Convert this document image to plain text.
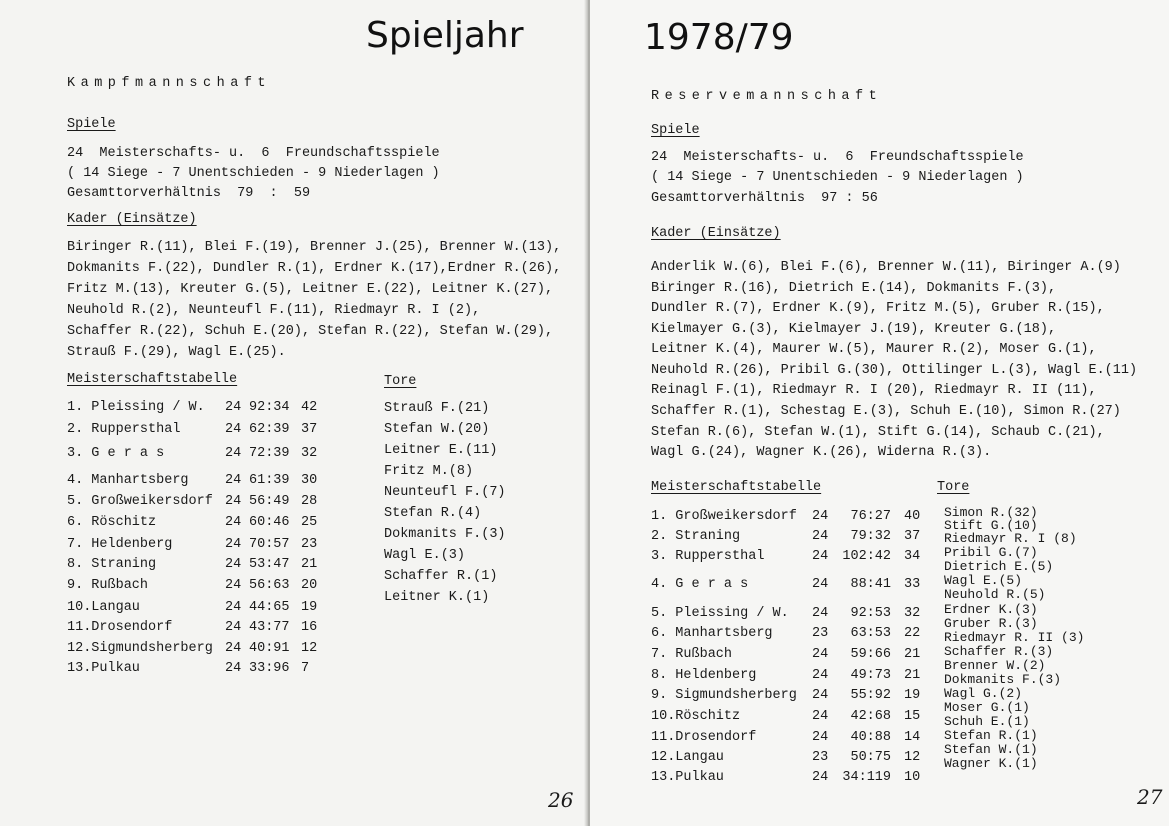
Spieljahr
Kampfmannschaft
Spiele
24  Meisterschafts- u.  6  Freundschaftsspiele
( 14 Siege - 7 Unentschieden - 9 Niederlagen )
Gesamttorverhältnis  79  :  59
Kader (Einsätze)
Biringer R.(11), Blei F.(19), Brenner J.(25), Brenner W.(13),
Dokmanits F.(22), Dundler R.(1), Erdner K.(17),Erdner R.(26),
Fritz M.(13), Kreuter G.(5), Leitner E.(22), Leitner K.(27),
Neuhold R.(2), Neunteufl F.(11), Riedmayr R. I (2),
Schaffer R.(22), Schuh E.(20), Stefan R.(22), Stefan W.(29),
Strauß F.(29), Wagl E.(25).
Meisterschaftstabelle	Tore
1. Pleissing / W. 24 92:34 42
2. Ruppersthal	24 62:39 37
3. G e r a s	24 72:39 32
4. Manhartsberg	24 61:39 30
5. Großweikersdorf 24 56:49 28
6. Röschitz	24 60:46 25
7. Heldenberg	24 70:57 23
8. Straning	24 53:47 21
9. Rußbach	24 56:63 20
10.Langau	24 44:65 19
11.Drosendorf	24 43:77 16
12.Sigmundsherberg 24 40:91 12
13.Pulkau	24 33:96 7
Strauß F.(21)
Stefan W.(20)
Leitner E.(11)
Fritz M.(8)
Neunteufl F.(7)
Stefan R.(4)
Dokmanits F.(3)
Wagl E.(3)
Schaffer R.(1)
Leitner K.(1)
26
1978/79
Reservemannschaft
Spiele
24  Meisterschafts- u.  6  Freundschaftsspiele
( 14 Siege - 7 Unentschieden - 9 Niederlagen )
Gesamttorverhältnis  97 : 56
Kader (Einsätze)
Anderlik W.(6), Blei F.(6), Brenner W.(11), Biringer A.(9)
Biringer R.(16), Dietrich E.(14), Dokmanits F.(3),
Dundler R.(7), Erdner K.(9), Fritz M.(5), Gruber R.(15),
Kielmayer G.(3), Kielmayer J.(19), Kreuter G.(18),
Leitner K.(4), Maurer W.(5), Maurer R.(2), Moser G.(1),
Neuhold R.(26), Pribil G.(30), Ottilinger L.(3), Wagl E.(11)
Reinagl F.(1), Riedmayr R. I (20), Riedmayr R. II (11),
Schaffer R.(1), Schestag E.(3), Schuh E.(10), Simon R.(27)
Stefan R.(6), Stefan W.(1), Stift G.(14), Schaub C.(21),
Wagl G.(24), Wagner K.(26), Widerna R.(3).
Meisterschaftstabelle	Tore
1. Großweikersdorf 24	76:27 40
2. Straning	24	79:32 37
3. Ruppersthal	24 102:42 34
4. G e r a s	24	88:41 33
5. Pleissing / W. 24	92:53 32
6. Manhartsberg	23	63:53 22
7. Rußbach	24	59:66 21
8. Heldenberg	24	49:73 21
9. Sigmundsherberg 24	55:92 19
10.Röschitz	24	42:68 15
11.Drosendorf	24	40:88 14
12.Langau	23	50:75 12
13.Pulkau	24 34:119 10
Simon R.(32)
Stift G.(10)
Riedmayr R. I (8)
Pribil G.(7)
Dietrich E.(5)
Wagl E.(5)
Neuhold R.(5)
Erdner K.(3)
Gruber R.(3)
Riedmayr R. II (3)
Schaffer R.(3)
Brenner W.(2)
Dokmanits F.(3)
Wagl G.(2)
Moser G.(1)
Schuh E.(1)
Stefan R.(1)
Stefan W.(1)
Wagner K.(1)
27
